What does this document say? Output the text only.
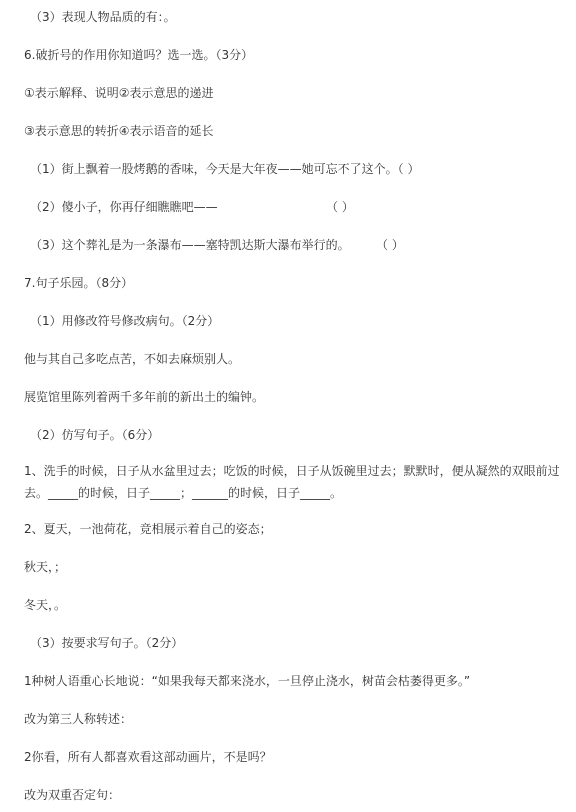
（3）表现人物品质的有：。
6.破折号的作用你知道吗？选一选。（3分）
①表示解释、说明②表示意思的递进
③表示意思的转折④表示语音的延长
（1）街上飘着一股烤鹅的香味，今天是大年夜——她可忘不了这个。（ ）
（2）傻小子，你再仔细瞧瞧吧——	（ ）
（3）这个葬礼是为一条瀑布——塞特凯达斯大瀑布举行的。 （ ）
7.句子乐园。（8分）
（1）用修改符号修改病句。（2分）
他与其自己多吃点苦，不如去麻烦别人。
展览馆里陈列着两千多年前的新出土的编钟。
（2）仿写句子。（6分）
1、洗手的时候，日子从水盆里过去；吃饭的时候，日子从饭碗里过去；默默时，便从凝然的双眼前过去。_____的时候，日子_____；______的时候，日子_____。
2、夏天，一池荷花，竞相展示着自己的姿态；
秋天，；
冬天，。
（3）按要求写句子。（2分）
1种树人语重心长地说：“如果我每天都来浇水，一旦停止浇水，树苗会枯萎得更多。”
改为第三人称转述：
2你看，所有人都喜欢看这部动画片，不是吗？
改为双重否定句：
